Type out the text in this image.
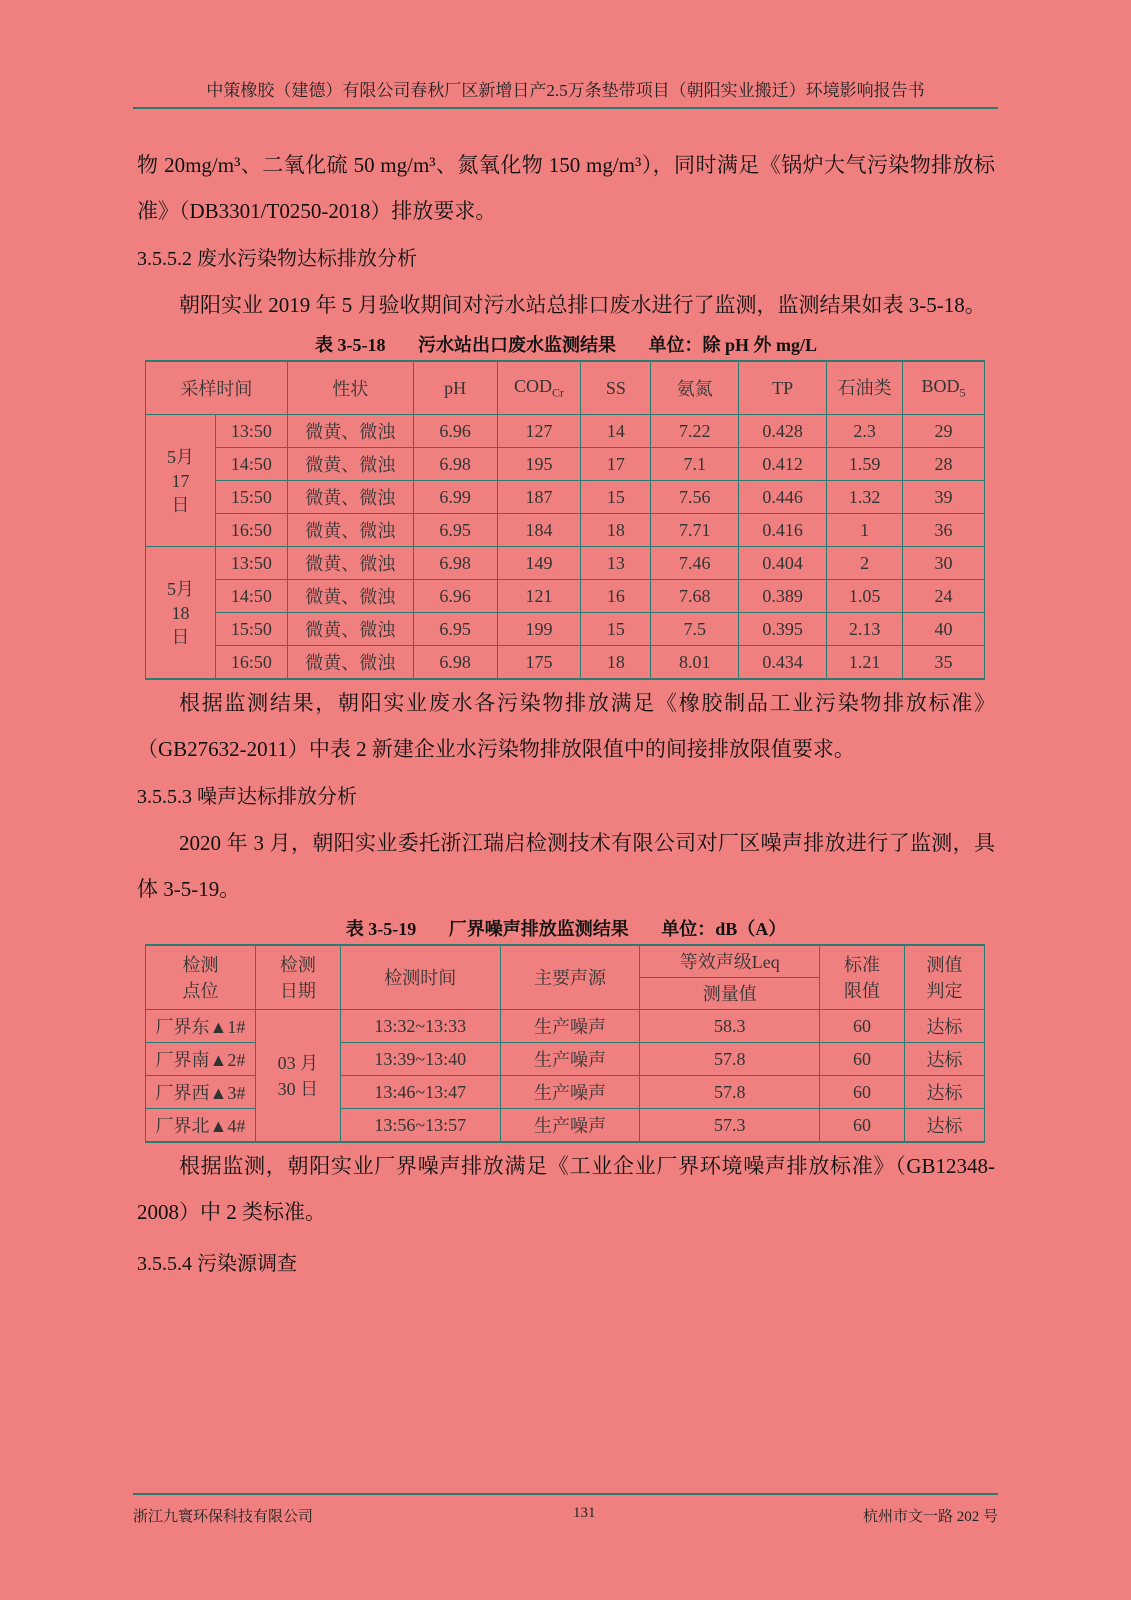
中策橡胶（建德）有限公司春秋厂区新增日产2.5万条垫带项目（朝阳实业搬迁）环境影响报告书

物 20mg/m³、二氧化硫 50 mg/m³、氮氧化物 150 mg/m³），同时满足《锅炉大气污染物排放标准》（DB3301/T0250-2018）排放要求。

3.5.5.2 废水污染物达标排放分析

朝阳实业 2019 年 5 月验收期间对污水站总排口废水进行了监测，监测结果如表 3-5-18。

表 3-5-18 污水站出口废水监测结果 单位：除 pH 外 mg/L
采样时间		性状	pH	$COD_{Cr}$	SS	氨氮	TP	石油类	$BOD_5$
5月17日	13:50	微黄、微浊	6.96	127	14	7.22	0.428	2.3	29
	14:50	微黄、微浊	6.98	195	17	7.1	0.412	1.59	28
	15:50	微黄、微浊	6.99	187	15	7.56	0.446	1.32	39
	16:50	微黄、微浊	6.95	184	18	7.71	0.416	1	36
5月18日	13:50	微黄、微浊	6.98	149	13	7.46	0.404	2	30
	14:50	微黄、微浊	6.96	121	16	7.68	0.389	1.05	24
	15:50	微黄、微浊	6.95	199	15	7.5	0.395	2.13	40
	16:50	微黄、微浊	6.98	175	18	8.01	0.434	1.21	35

根据监测结果，朝阳实业废水各污染物排放满足《橡胶制品工业污染物排放标准》（GB27632-2011）中表 2 新建企业水污染物排放限值中的间接排放限值要求。

3.5.5.3 噪声达标排放分析

2020 年 3 月，朝阳实业委托浙江瑞启检测技术有限公司对厂区噪声排放进行了监测，具体 3-5-19。

表 3-5-19 厂界噪声排放监测结果 单位：dB（A）
检测点位	检测日期	检测时间	主要声源	等效声级Leq	标准限值	测值判定
				测量值		
厂界东▲1#	03 月 30 日	13:32~13:33	生产噪声	58.3	60	达标
厂界南▲2#		13:39~13:40	生产噪声	57.8	60	达标
厂界西▲3#		13:46~13:47	生产噪声	57.8	60	达标
厂界北▲4#		13:56~13:57	生产噪声	57.3	60	达标

根据监测，朝阳实业厂界噪声排放满足《工业企业厂界环境噪声排放标准》（GB12348-2008）中 2 类标准。

3.5.5.4 污染源调查
浙江九寰环保科技有限公司	131	杭州市文一路 202 号
